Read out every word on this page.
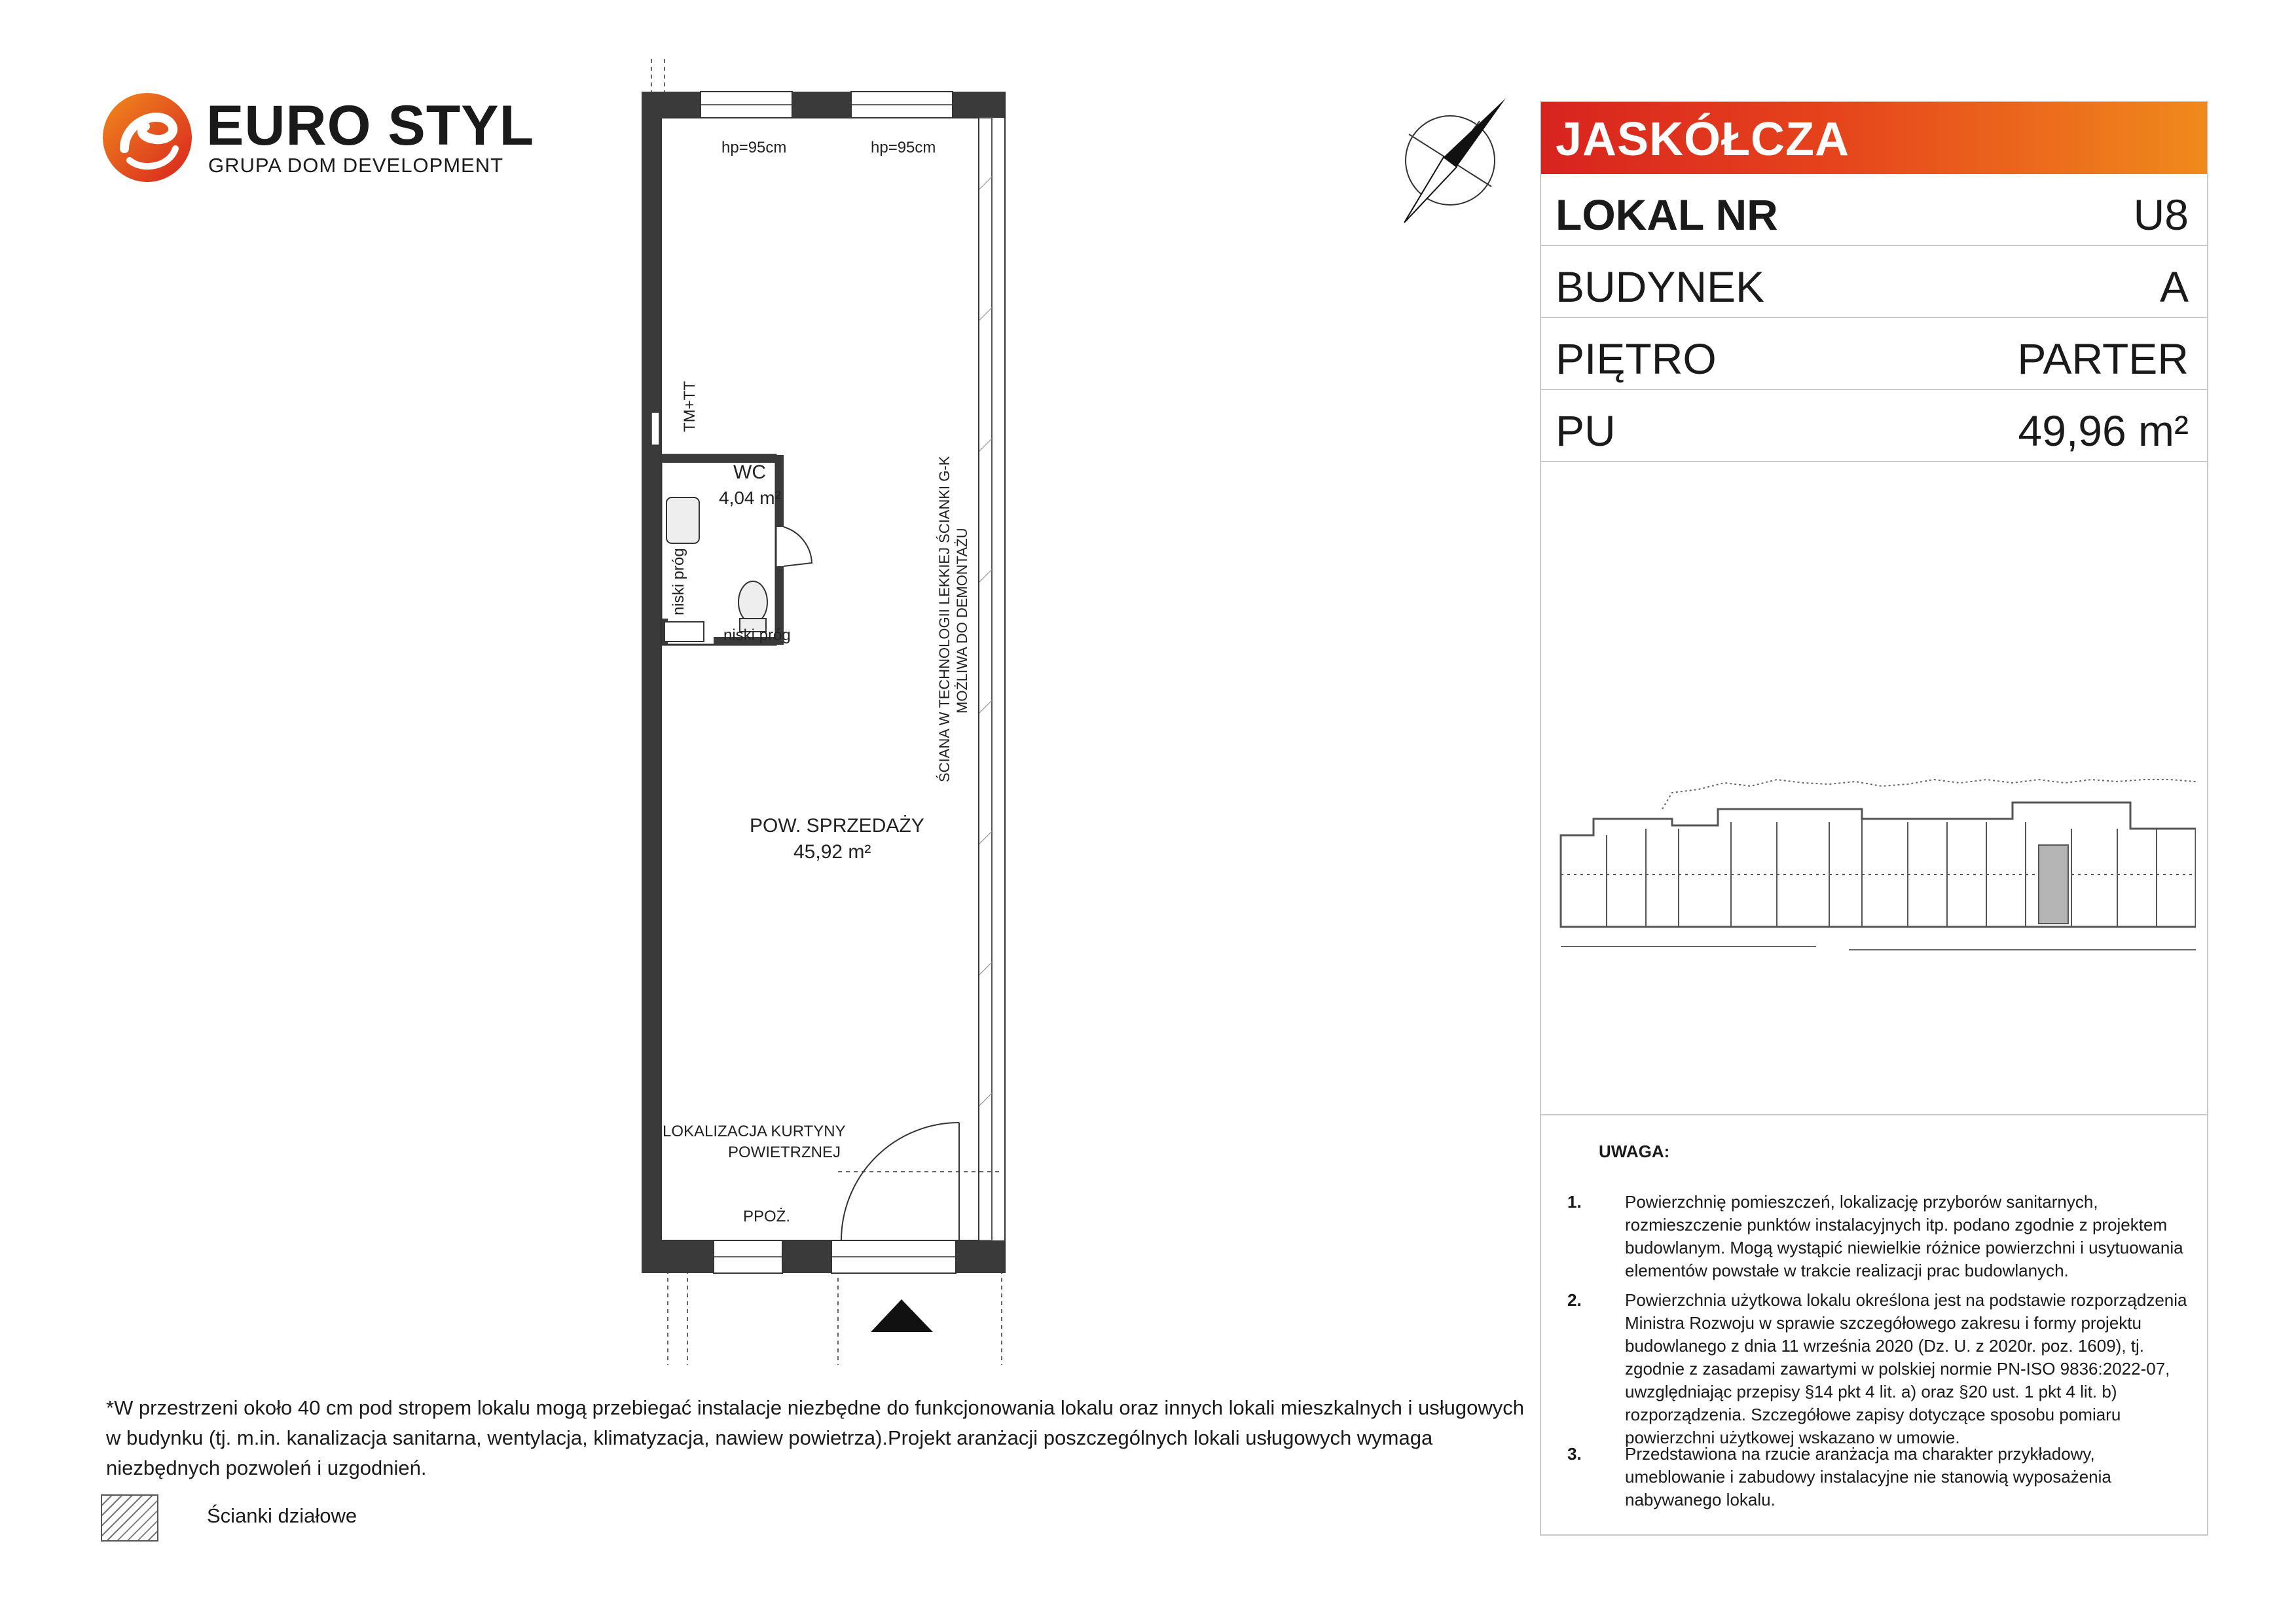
EURO STYL
GRUPA DOM DEVELOPMENT
hp=95cm	hp=95cm
TM+TT
WC
4,04 m²
niski próg
niski próg
POW. SPRZEDAŻY
45,92 m²
ŚCIANA W TECHNOLOGII LEKKIEJ ŚCIANKI G-K MOŻLIWA DO DEMONTAŻU
LOKALIZACJA KURTYNY
POWIETRZNEJ
PPOŻ.
JASKÓŁCZA
LOKAL NR	U8
BUDYNEK	A
PIĘTRO	PARTER
PU	49,96 m²
UWAGA:
1.	Powierzchnię pomieszczeń, lokalizację przyborów sanitarnych, rozmieszczenie punktów instalacyjnych itp. podano zgodnie z projektem budowlanym. Mogą wystąpić niewielkie różnice powierzchni i usytuowania elementów powstałe w trakcie realizacji prac budowlanych.
2.	Powierzchnia użytkowa lokalu określona jest na podstawie rozporządzenia Ministra Rozwoju w sprawie szczegółowego zakresu i formy projektu budowlanego z dnia 11 września 2020 (Dz. U. z 2020r. poz. 1609), tj. zgodnie z zasadami zawartymi w polskiej normie PN-ISO 9836:2022-07, uwzględniając przepisy §14 pkt 4 lit. a) oraz §20 ust. 1 pkt 4 lit. b) rozporządzenia. Szczegółowe zapisy dotyczące sposobu pomiaru powierzchni użytkowej wskazano w umowie.
3.	Przedstawiona na rzucie aranżacja ma charakter przykładowy, umeblowanie i zabudowy instalacyjne nie stanowią wyposażenia nabywanego lokalu.
*W przestrzeni około 40 cm pod stropem lokalu mogą przebiegać instalacje niezbędne do funkcjonowania lokalu oraz innych lokali mieszkalnych i usługowych w budynku (tj. m.in. kanalizacja sanitarna, wentylacja, klimatyzacja, nawiew powietrza).Projekt aranżacji poszczególnych lokali usługowych wymaga niezbędnych pozwoleń i uzgodnień.
Ścianki działowe
